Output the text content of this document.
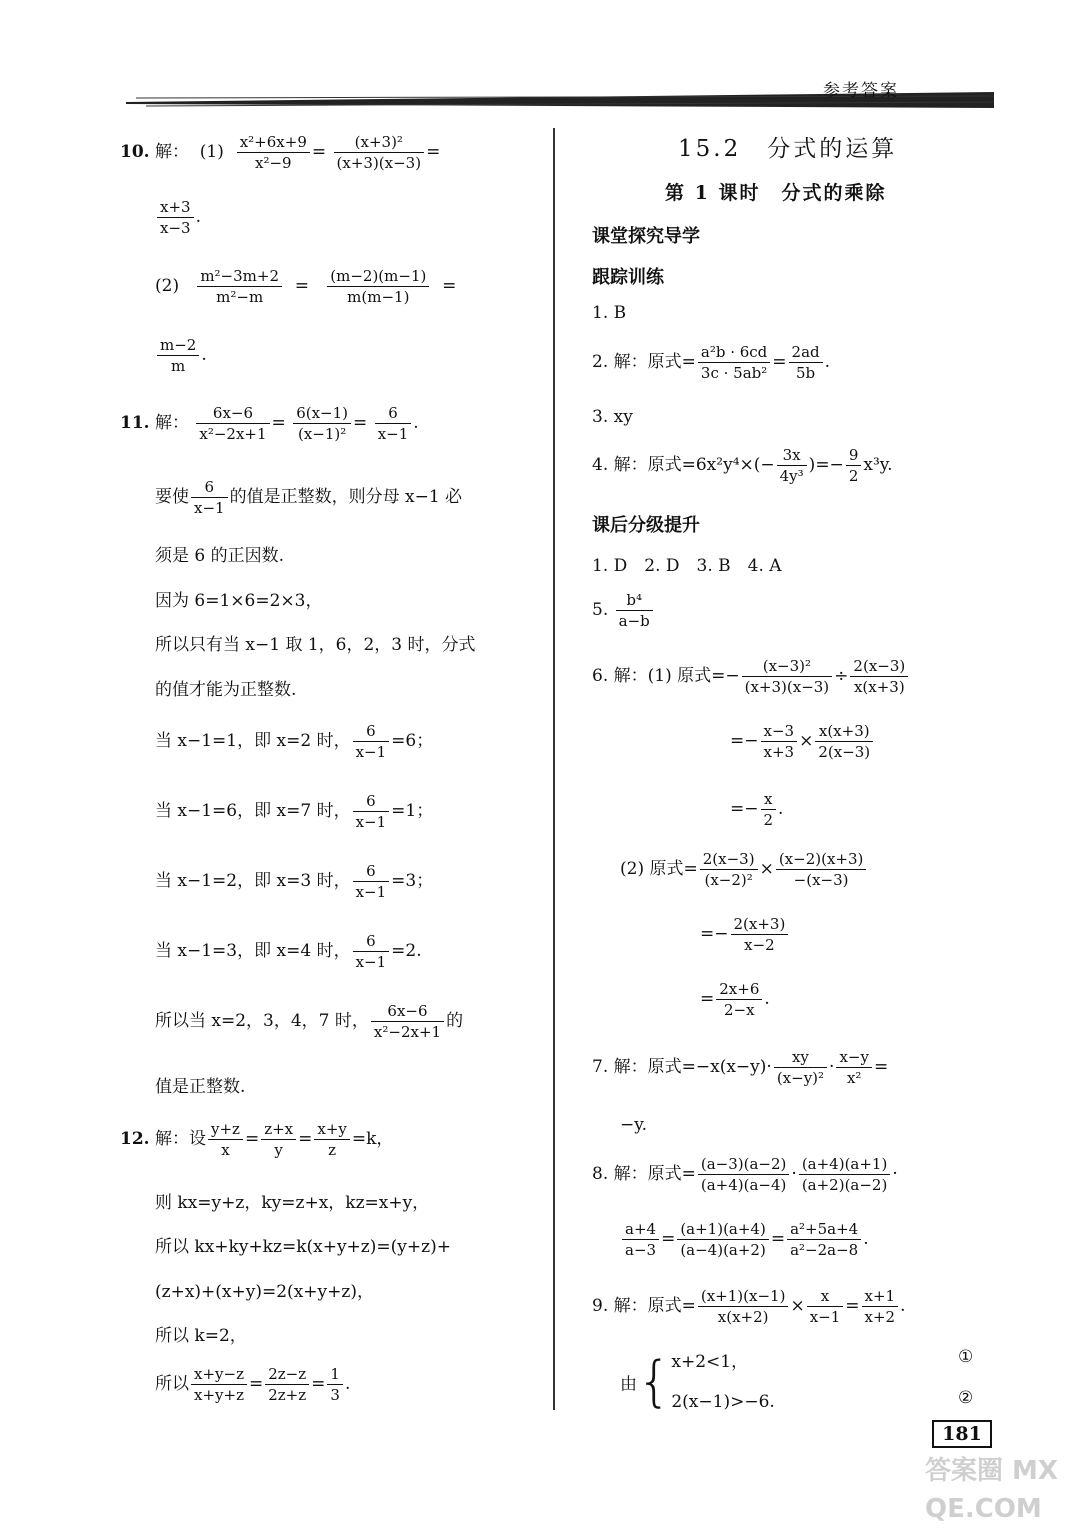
参考答案
10. 解： $(1) \frac{\text{x²+6x+9}}{\text{x²−9}} = \frac{\text{(x+3)²}}{(x+3)(x-3)}$ =
$\frac{x+3}{x-3}$ .
$(2) \frac{\text{m²−3m+2}}{\text{m²−m}} = \frac{(m-2)(m-1)}{m(m-1)}$ =
$\frac{m-2}{m}$ .
11. 解： $\frac{6x-6}{\text{x²−2x+1}} = \frac{6(x-1)}{\text{(x−1)²}} = \frac{6}{x-1}$ .
要使 $\frac{6}{x-1}$ 的值是正整数，则分母 x−1 必
须是 6 的正因数.
因为 6=1×6=2×3，
所以只有当 x−1 取 1，6，2，3 时，分式
的值才能为正整数.
当 x−1=1，即 x=2 时， $\frac{6}{x-1} =6$；
当 x−1=6，即 x=7 时， $\frac{6}{x-1} =1$；
当 x−1=2，即 x=3 时， $\frac{6}{x-1} =3$；
当 x−1=3，即 x=4 时， $\frac{6}{x-1} =2$.
所以当 x=2，3，4，7 时， $\frac{6x-6}{\text{x²−2x+1}}$ 的
值是正整数.
12. 解：设 $\frac{y+z}{x} = \frac{z+x}{y} = \frac{x+y}{z} =k$，
则 kx=y+z，ky=z+x，kz=x+y，
所以 kx+ky+kz=k(x+y+z)=(y+z)+
(z+x)+(x+y)=2(x+y+z)，
所以 k=2，
所以 $\frac{x+y-z}{x+y+z} = \frac{2z-z}{2z+z} = \frac{1}{3}$ .
15.2　分式的运算
第 1 课时　分式的乘除
课堂探究导学
跟踪训练
1. B
2. 解：原式= $\frac{\text{a²b · 6cd}}{\text{3c · 5ab²}} = \frac{2ad}{5b}$ .
3. xy
4. 解：原式$=6x^2y^4\times(- \frac{3x}{\text{4y³}}$ )=− $\frac{9}{2} x^3y$.
课后分级提升
1. D　2. D　3. B　4. A
5. $\frac{\text{b⁴}}{a-b}$
6. 解：(1) 原式=− $\frac{\text{(x−3)²}}{(x+3)(x-3)} \div \frac{2(x-3)}{x(x+3)}$
=− $\frac{x-3}{x+3} \times \frac{x(x+3)}{2(x-3)}$
=− $\frac{x}{2}$ .
(2) 原式= $\frac{2(x-3)}{\text{(x−2)²}} \times \frac{(x-2)(x+3)}{-(x-3)}$
=− $\frac{2(x+3)}{x-2}$
= $\frac{2x+6}{2-x}$ .
7. 解：原式$=-x(x-y)\cdot \frac{xy}{\text{(x−y)²}} \cdot \frac{x-y}{\text{x²}}$ =
−y.
8. 解：原式= $\frac{(a-3)(a-2)}{(a+4)(a-4)} \cdot \frac{(a+4)(a+1)}{(a+2)(a-2)}$ ·
$\frac{a+4}{a-3} = \frac{(a+1)(a+4)}{(a-4)(a+2)} = \frac{\text{a²+5a+4}}{\text{a²−2a−8}}$ .
9. 解：原式= $\frac{(x+1)(x-1)}{x(x+2)} \times \frac{x}{x-1} = \frac{x+1}{x+2}$ .
由{ x+2<1，
2(x−1)>−6.
①
②
181
答案圈 MXQE.COM
